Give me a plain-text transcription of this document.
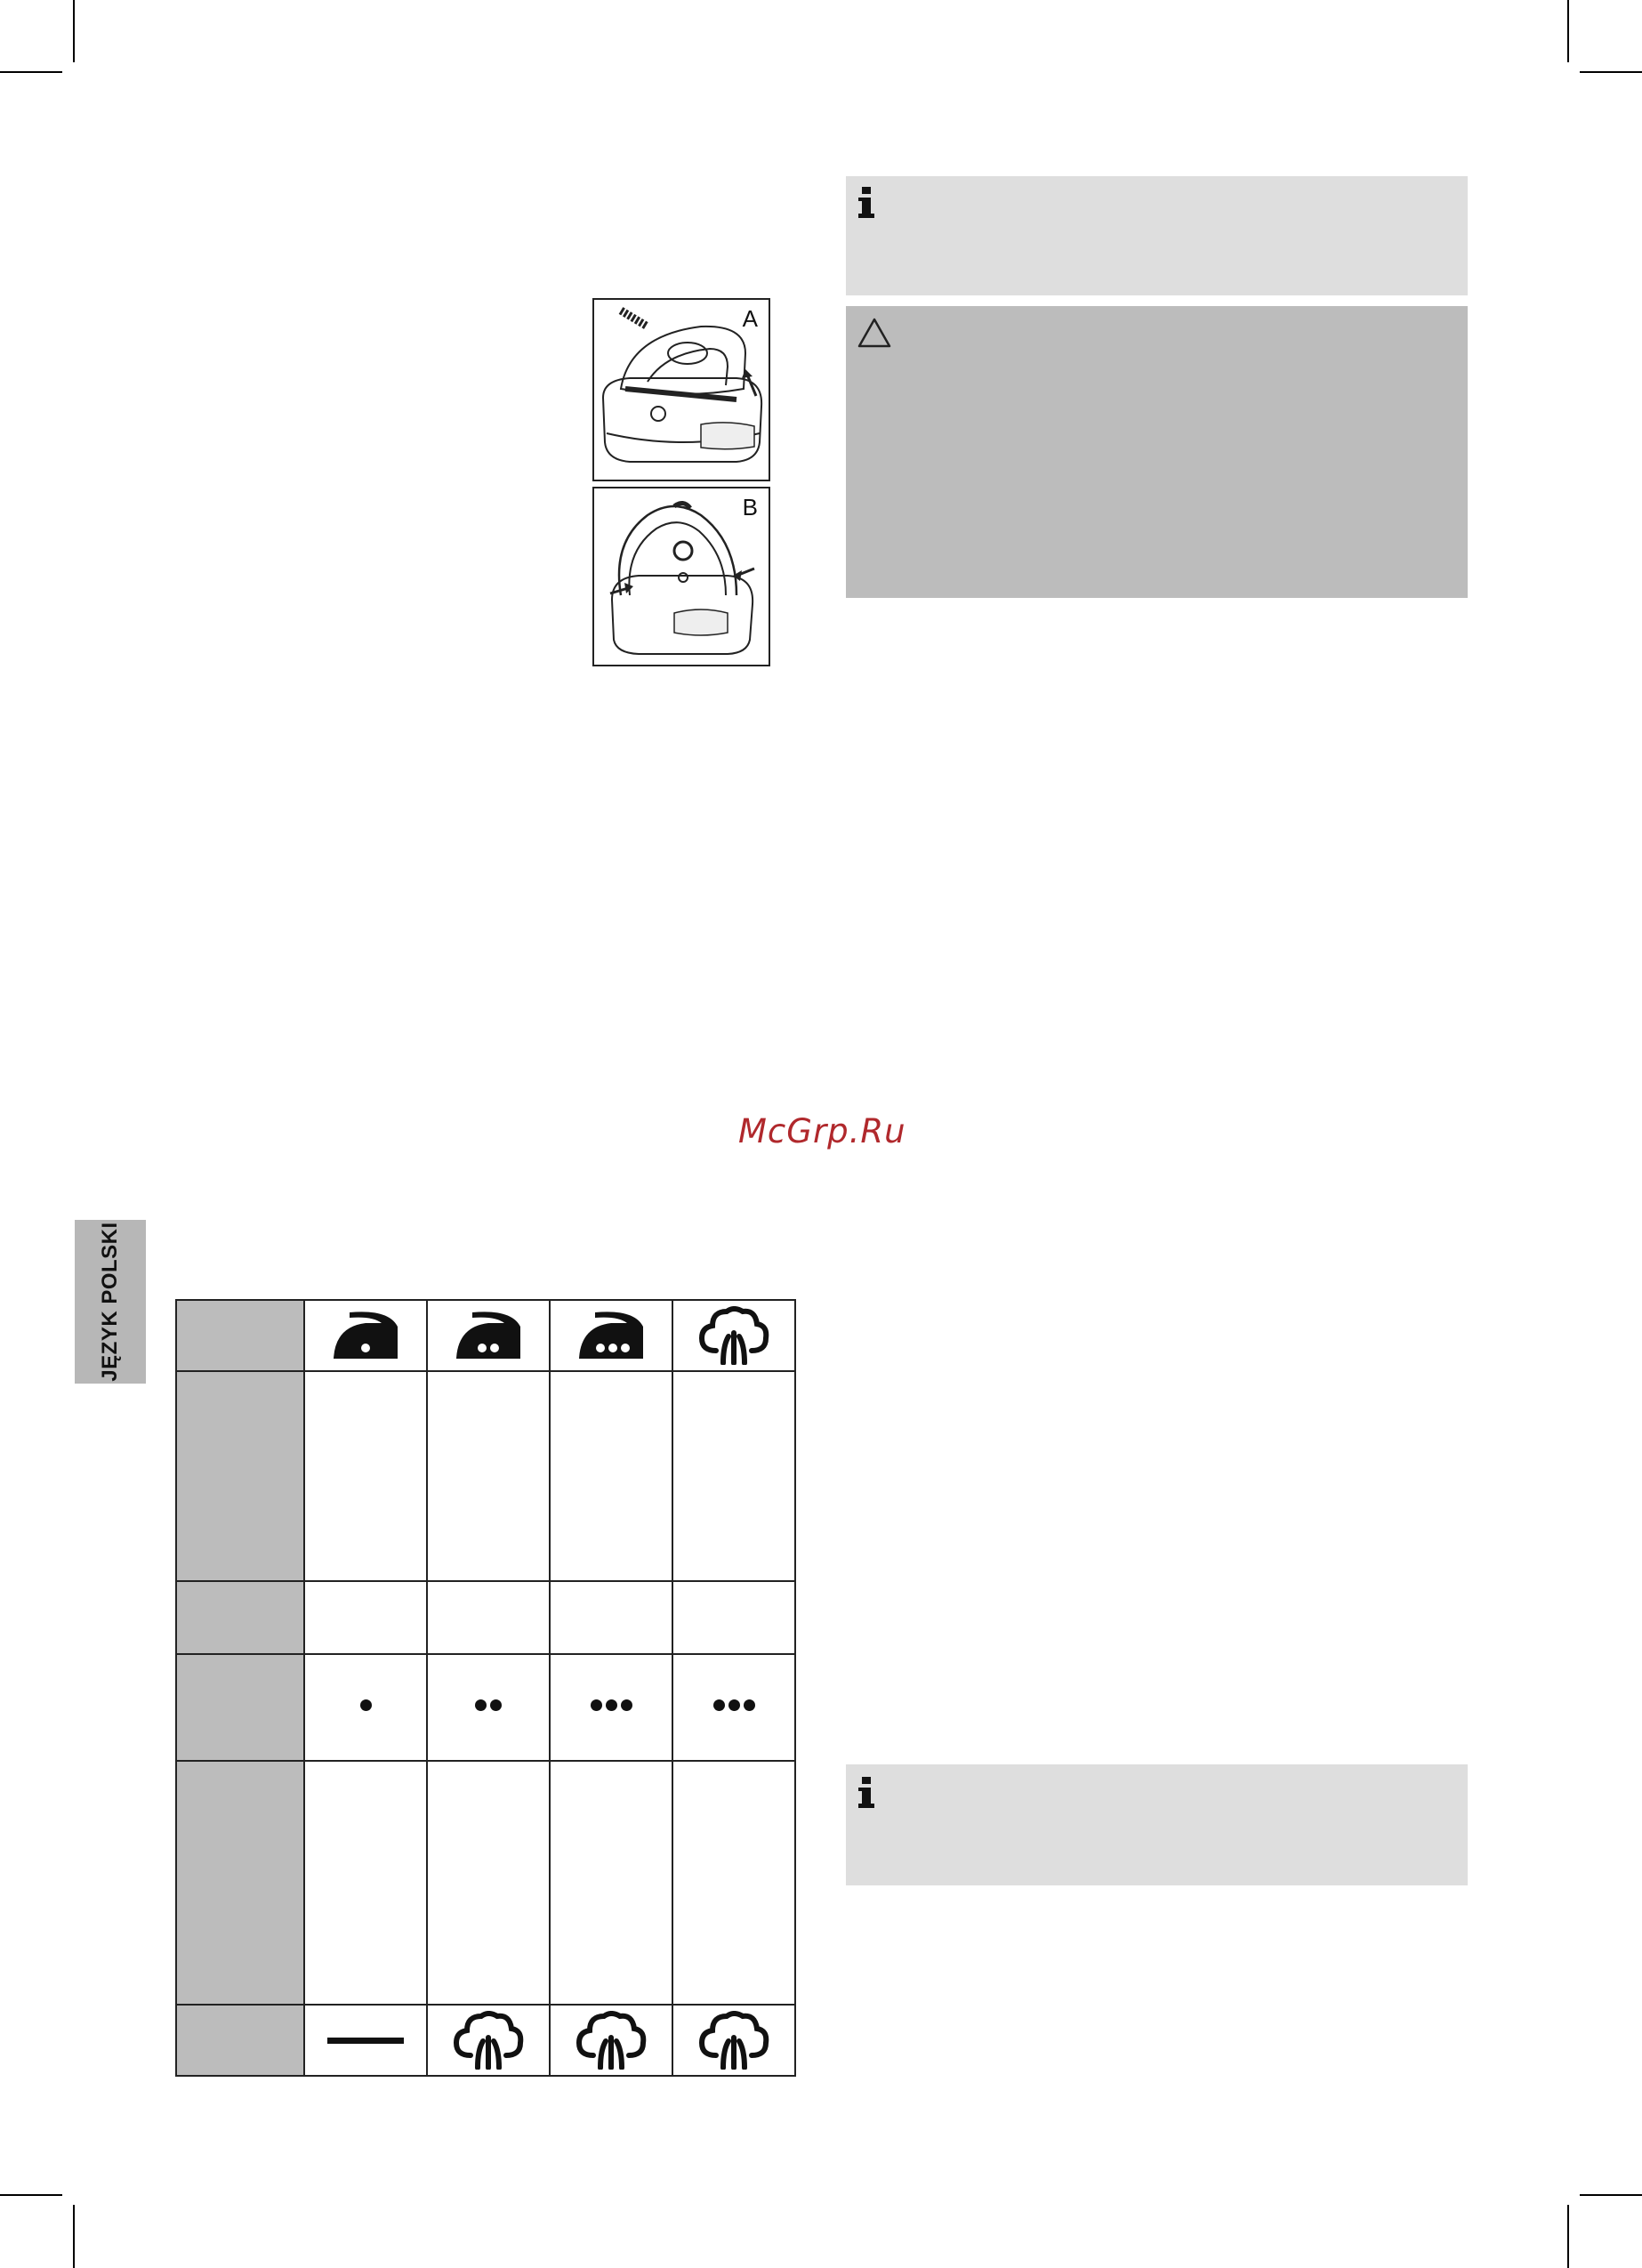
A
B
McGrp.Ru
JĘZYK POLSKI
